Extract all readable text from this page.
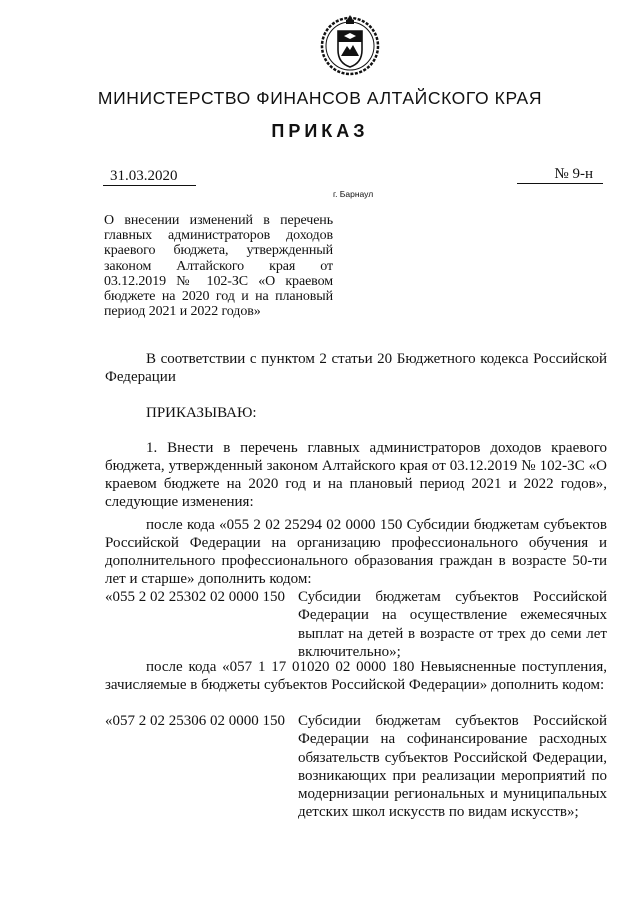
МИНИСТЕРСТВО ФИНАНСОВ АЛТАЙСКОГО КРАЯ
ПРИКАЗ
31.03.2020	№ 9-н
г. Барнаул
О внесении изменений в перечень главных администраторов доходов краевого бюджета, утвержденный законом Алтайского края от 03.12.2019 № 102-ЗС «О краевом бюджете на 2020 год и на плановый период 2021 и 2022 годов»
В соответствии с пунктом 2 статьи 20 Бюджетного кодекса Российской Федерации
ПРИКАЗЫВАЮ:
1. Внести в перечень главных администраторов доходов краевого бюджета, утвержденный законом Алтайского края от 03.12.2019 № 102-ЗС «О краевом бюджете на 2020 год и на плановый период 2021 и 2022 годов», следующие изменения:
после кода «055 2 02 25294 02 0000 150 Субсидии бюджетам субъектов Российской Федерации на организацию профессионального обучения и дополнительного профессионального образования граждан в возрасте 50-ти лет и старше» дополнить кодом:
«055 2 02 25302 02 0000 150 Субсидии бюджетам субъектов Российской Федерации на осуществление ежемесячных выплат на детей в возрасте от трех до семи лет включительно»;
после кода «057 1 17 01020 02 0000 180 Невыясненные поступления, зачисляемые в бюджеты субъектов Российской Федерации» дополнить кодом:
«057 2 02 25306 02 0000 150 Субсидии бюджетам субъектов Российской Федерации на софинансирование расходных обязательств субъектов Российской Федерации, возникающих при реализации мероприятий по модернизации региональных и муниципальных детских школ искусств по видам искусств»;
